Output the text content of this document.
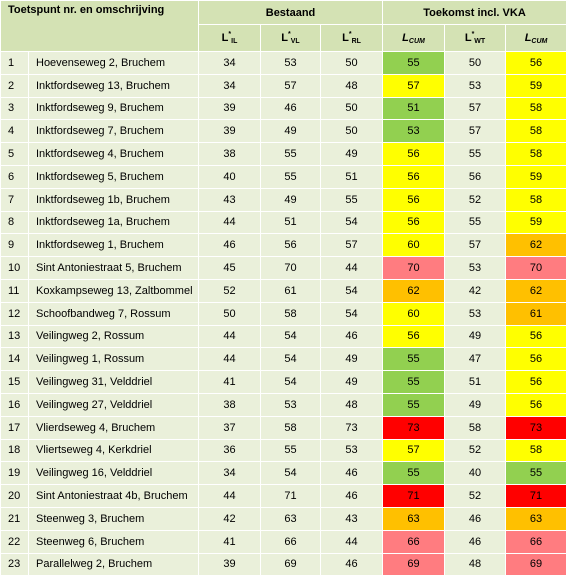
Toetspunt nr. en omschrijving		Bestaand			Toekomst incl. VKA		
		$L^*_{IL}$	$L^*_{VL}$	$L^*_{RL}$	$L_{CUM}$	$L^*_{WT}$	$L_{CUM}$
1	Hoevenseweg 2, Bruchem	34	53	50	55	50	56
2	Inktfordseweg 13, Bruchem	34	57	48	57	53	59
3	Inktfordseweg 9, Bruchem	39	46	50	51	57	58
4	Inktfordseweg 7, Bruchem	39	49	50	53	57	58
5	Inktfordseweg 4, Bruchem	38	55	49	56	55	58
6	Inktfordseweg 5, Bruchem	40	55	51	56	56	59
7	Inktfordseweg 1b, Bruchem	43	49	55	56	52	58
8	Inktfordseweg 1a, Bruchem	44	51	54	56	55	59
9	Inktfordseweg 1, Bruchem	46	56	57	60	57	62
10	Sint Antoniestraat 5, Bruchem	45	70	44	70	53	70
11	Koxkampseweg 13, Zaltbommel	52	61	54	62	42	62
12	Schoofbandweg 7, Rossum	50	58	54	60	53	61
13	Veilingweg 2, Rossum	44	54	46	56	49	56
14	Veilingweg 1, Rossum	44	54	49	55	47	56
15	Veilingweg 31, Velddriel	41	54	49	55	51	56
16	Veilingweg 27, Velddriel	38	53	48	55	49	56
17	Vlierdseweg 4, Bruchem	37	58	73	73	58	73
18	Vliertseweg 4, Kerkdriel	36	55	53	57	52	58
19	Veilingweg 16, Velddriel	34	54	46	55	40	55
20	Sint Antoniestraat 4b, Bruchem	44	71	46	71	52	71
21	Steenweg 3, Bruchem	42	63	43	63	46	63
22	Steenweg 6, Bruchem	41	66	44	66	46	66
23	Parallelweg 2, Bruchem	39	69	46	69	48	69
